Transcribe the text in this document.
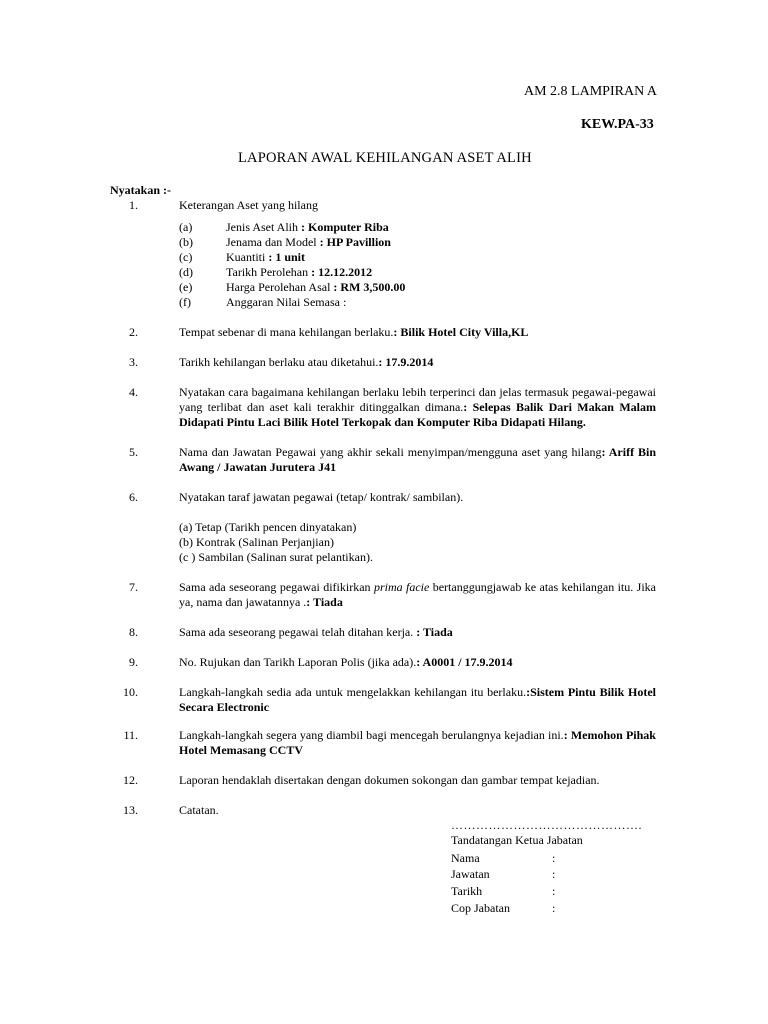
AM 2.8 LAMPIRAN A
KEW.PA-33
LAPORAN AWAL KEHILANGAN ASET ALIH
Nyatakan :-
1.	Keterangan Aset yang hilang
(a)	Jenis Aset Alih : Komputer Riba
(b)	Jenama dan Model : HP Pavillion
(c)	Kuantiti : 1 unit
(d)	Tarikh Perolehan : 12.12.2012
(e)	Harga Perolehan Asal : RM 3,500.00
(f)	Anggaran Nilai Semasa :
2.	Tempat sebenar di mana kehilangan berlaku.: Bilik Hotel City Villa,KL
3.	Tarikh kehilangan berlaku atau diketahui.: 17.9.2014
4.	Nyatakan cara bagaimana kehilangan berlaku lebih terperinci dan jelas termasuk pegawai-pegawai yang terlibat dan aset kali terakhir ditinggalkan dimana.: Selepas Balik Dari Makan Malam Didapati Pintu Laci Bilik Hotel Terkopak dan Komputer Riba Didapati Hilang.
5.	Nama dan Jawatan Pegawai yang akhir sekali menyimpan/mengguna aset yang hilang: Ariff Bin Awang / Jawatan Jurutera J41
6.	Nyatakan taraf jawatan pegawai (tetap/ kontrak/ sambilan).
(a) Tetap (Tarikh pencen dinyatakan)
(b) Kontrak (Salinan Perjanjian)
(c ) Sambilan (Salinan surat pelantikan).
7.	Sama ada seseorang pegawai difikirkan prima facie bertanggungjawab ke atas kehilangan itu. Jika ya, nama dan jawatannya .: Tiada
8.	Sama ada seseorang pegawai telah ditahan kerja. : Tiada
9.	No. Rujukan dan Tarikh Laporan Polis (jika ada).: A0001 / 17.9.2014
10.	Langkah-langkah sedia ada untuk mengelakkan kehilangan itu berlaku.:Sistem Pintu Bilik Hotel Secara Electronic
11.	Langkah-langkah segera yang diambil bagi mencegah berulangnya kejadian ini.: Memohon Pihak Hotel Memasang CCTV
12.	Laporan hendaklah disertakan dengan dokumen sokongan dan gambar tempat kejadian.
13.	Catatan.
……………………………………….
Tandatangan Ketua Jabatan
Nama	:
Jawatan	:
Tarikh	:
Cop Jabatan	:
